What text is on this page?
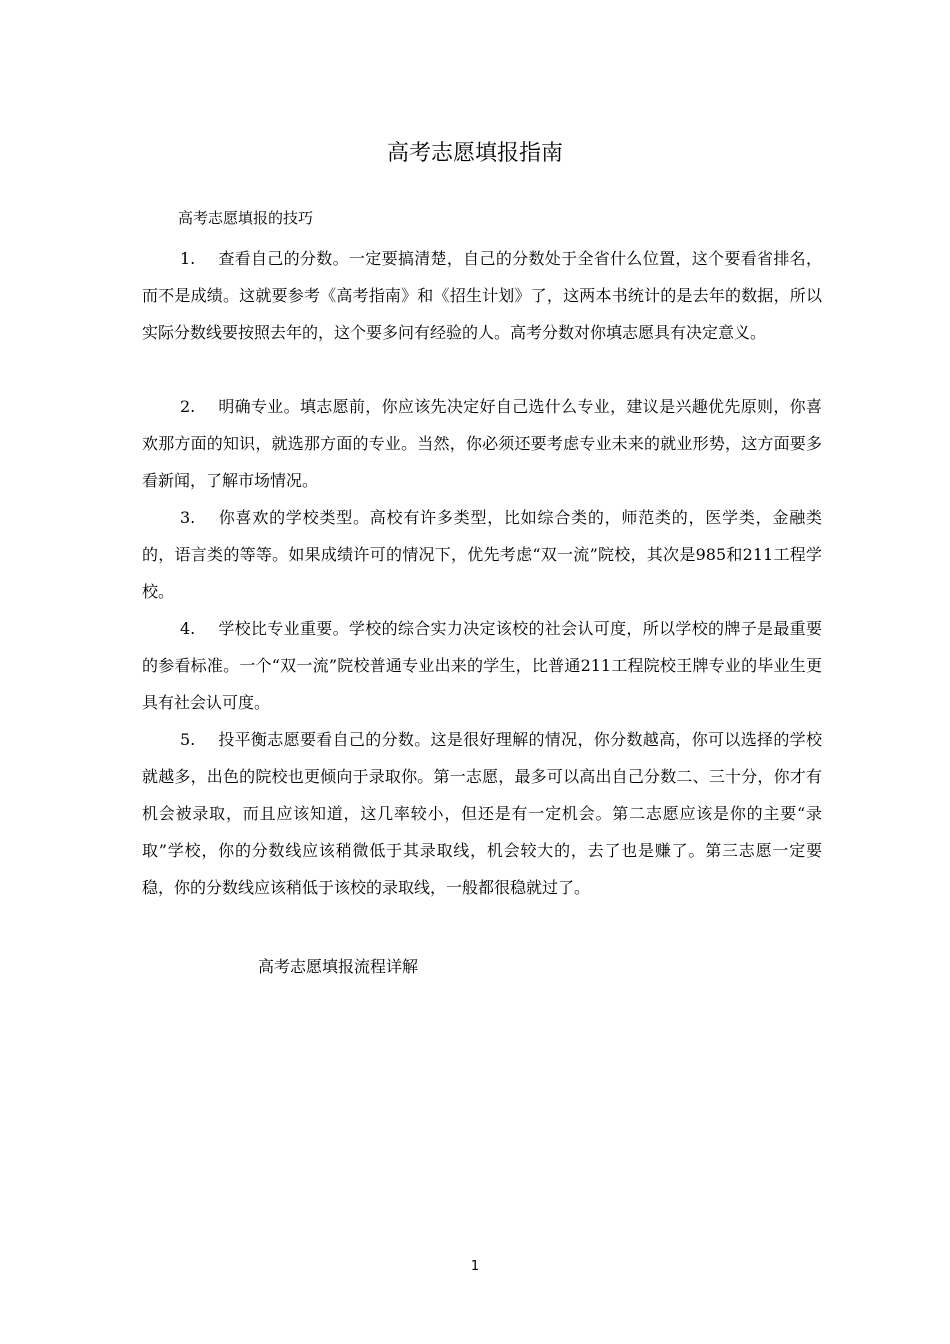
高考志愿填报指南
高考志愿填报的技巧

1. 查看自己的分数。一定要搞清楚，自己的分数处于全省什么位置，这个要看省排名，而不是成绩。这就要参考《高考指南》和《招生计划》了，这两本书统计的是去年的数据，所以实际分数线要按照去年的，这个要多问有经验的人。高考分数对你填志愿具有决定意义。

2. 明确专业。填志愿前，你应该先决定好自己选什么专业，建议是兴趣优先原则，你喜欢那方面的知识，就选那方面的专业。当然，你必须还要考虑专业未来的就业形势，这方面要多看新闻，了解市场情况。

3. 你喜欢的学校类型。高校有许多类型，比如综合类的，师范类的，医学类，金融类的，语言类的等等。如果成绩许可的情况下，优先考虑“双一流”院校，其次是985和211工程学校。

4. 学校比专业重要。学校的综合实力决定该校的社会认可度，所以学校的牌子是最重要的参看标准。一个“双一流”院校普通专业出来的学生，比普通211工程院校王牌专业的毕业生更具有社会认可度。

5. 投平衡志愿要看自己的分数。这是很好理解的情况，你分数越高，你可以选择的学校就越多，出色的院校也更倾向于录取你。第一志愿，最多可以高出自己分数二、三十分，你才有机会被录取，而且应该知道，这几率较小，但还是有一定机会。第二志愿应该是你的主要“录取”学校，你的分数线应该稍微低于其录取线，机会较大的，去了也是赚了。第三志愿一定要稳，你的分数线应该稍低于该校的录取线，一般都很稳就过了。

高考志愿填报流程详解
1
